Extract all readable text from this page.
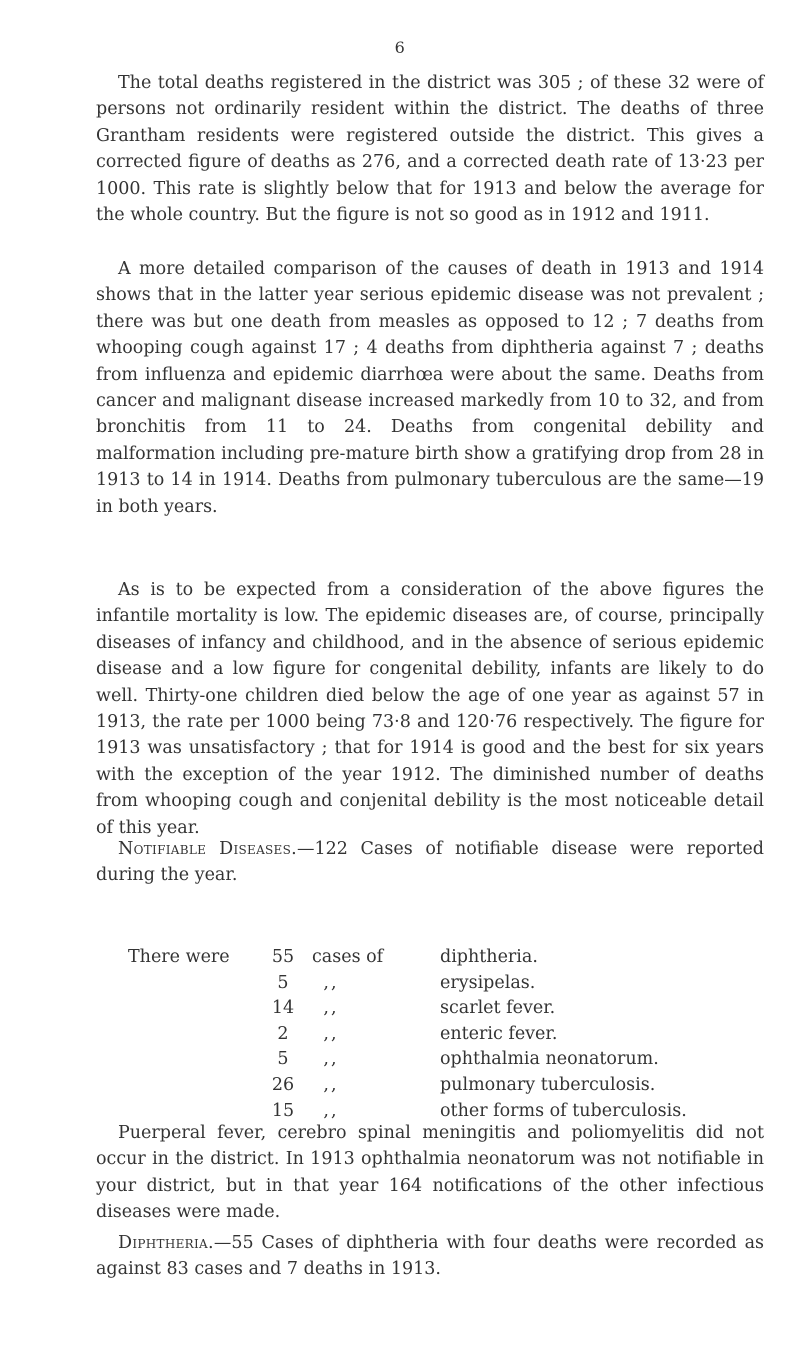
6

The total deaths registered in the district was 305 ; of these 32 were of persons not ordinarily resident within the district. The deaths of three Grantham residents were registered outside the district. This gives a corrected figure of deaths as 276, and a corrected death rate of 13·23 per 1000. This rate is slightly below that for 1913 and below the average for the whole country. But the figure is not so good as in 1912 and 1911.

A more detailed comparison of the causes of death in 1913 and 1914 shows that in the latter year serious epidemic disease was not prevalent ; there was but one death from measles as opposed to 12 ; 7 deaths from whooping cough against 17 ; 4 deaths from diphtheria against 7 ; deaths from influenza and epidemic diarrhœa were about the same. Deaths from cancer and malignant disease increased markedly from 10 to 32, and from bronchitis from 11 to 24. Deaths from congenital debility and malformation including pre-mature birth show a gratifying drop from 28 in 1913 to 14 in 1914. Deaths from pulmonary tuberculous are the same—19 in both years.

As is to be expected from a consideration of the above figures the infantile mortality is low. The epidemic diseases are, of course, principally diseases of infancy and childhood, and in the absence of serious epidemic disease and a low figure for congenital debility, infants are likely to do well. Thirty-one children died below the age of one year as against 57 in 1913, the rate per 1000 being 73·8 and 120·76 respectively. The figure for 1913 was unsatisfactory ; that for 1914 is good and the best for six years with the exception of the year 1912. The diminished number of deaths from whooping cough and conjenital debility is the most noticeable detail of this year.

Notifiable Diseases.—122 Cases of notifiable disease were reported during the year.

There were	55	cases of	diphtheria.
5	,,	erysipelas.
14	,,	scarlet fever.
2	,,	enteric fever.
5	,,	ophthalmia neonatorum.
26	,,	pulmonary tuberculosis.
15	,,	other forms of tuberculosis.

Puerperal fever, cerebro spinal meningitis and poliomyelitis did not occur in the district. In 1913 ophthalmia neonatorum was not notifiable in your district, but in that year 164 notifications of the other infectious diseases were made.

Diphtheria.—55 Cases of diphtheria with four deaths were recorded as against 83 cases and 7 deaths in 1913.
